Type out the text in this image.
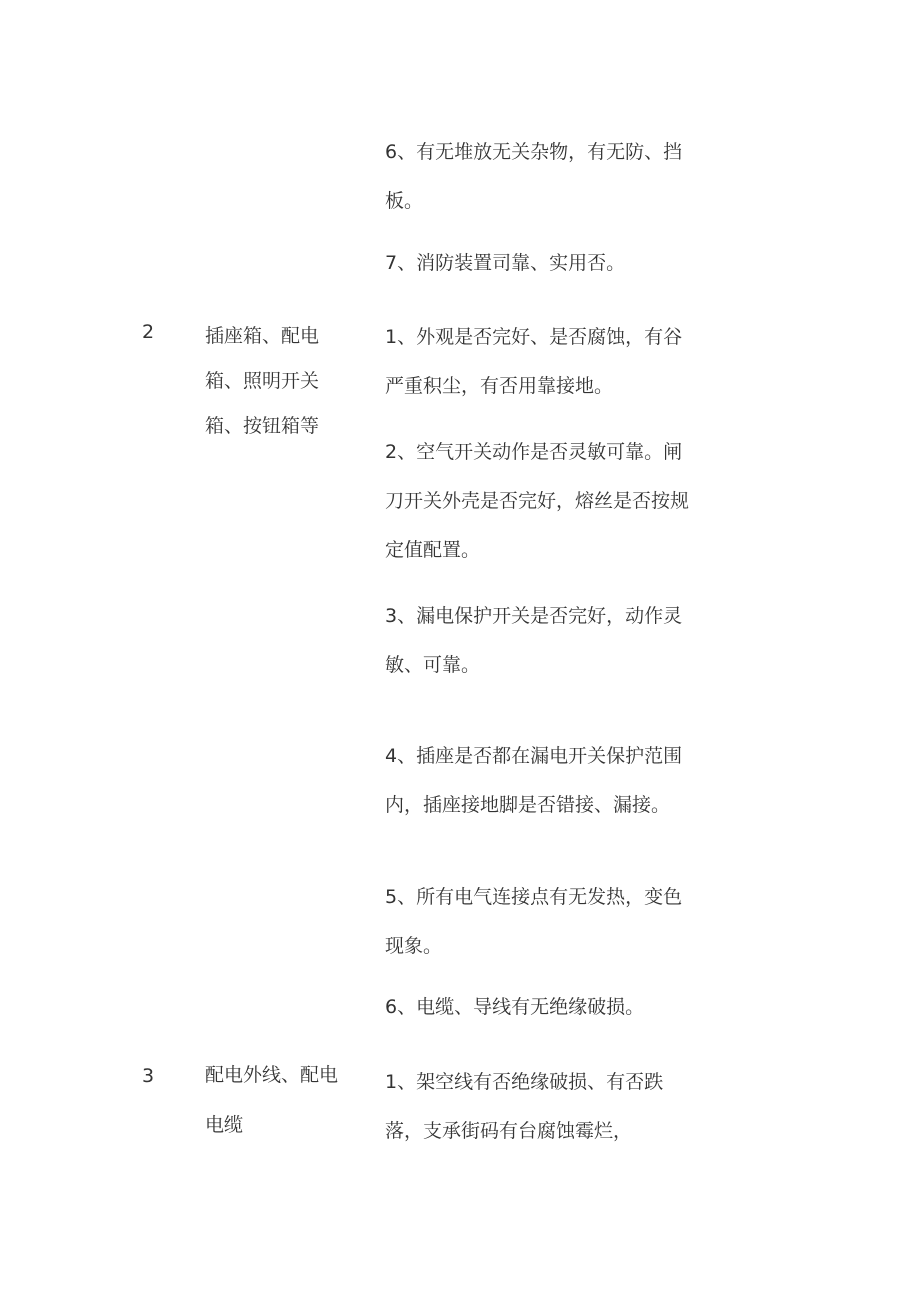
6、有无堆放无关杂物，有无防、挡
板。
7、消防装置司靠、实用否。
2	插座箱、配电
箱、照明开关
箱、按钮箱等
1、外观是否完好、是否腐蚀，有谷
严重积尘，有否用靠接地。
2、空气开关动作是否灵敏可靠。闸
刀开关外壳是否完好，熔丝是否按规
定值配置。
3、漏电保护开关是否完好，动作灵
敏、可靠。
4、插座是否都在漏电开关保护范围
内，插座接地脚是否错接、漏接。
5、所有电气连接点有无发热，变色
现象。
6、电缆、导线有无绝缘破损。
3	配电外线、配电
电缆
1、架空线有否绝缘破损、有否跌
落，支承街码有台腐蚀霉烂，
